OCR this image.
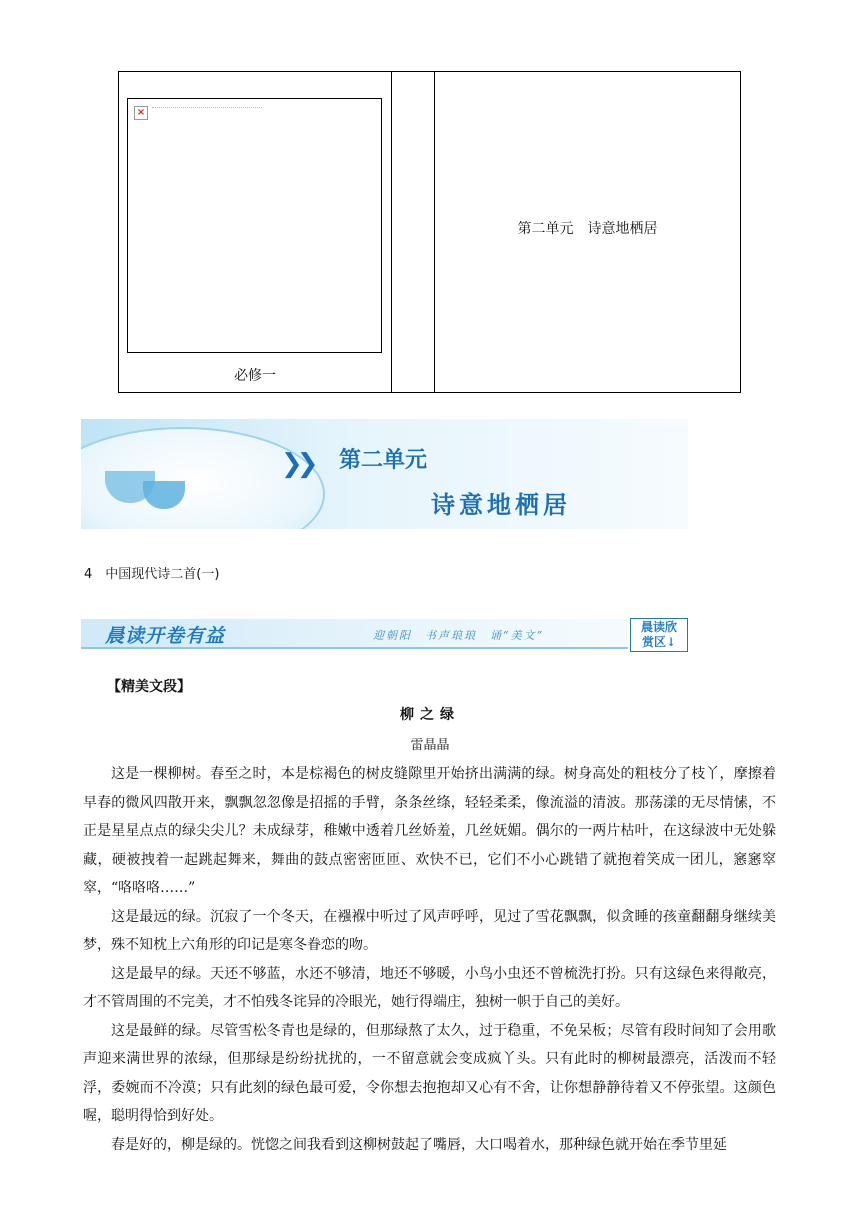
×
必修一
第二单元　诗意地栖居
❯❯ 第二单元
诗意地栖居
4　中国现代诗二首(一)
晨读开卷有益	迎朝阳　书声琅琅　诵“美文”
晨读欣
赏区↓
【精美文段】
柳之绿
雷晶晶

这是一棵柳树。春至之时，本是棕褐色的树皮缝隙里开始挤出满满的绿。树身高处的粗枝分了枝丫，摩擦着早春的微风四散开来，飘飘忽忽像是招摇的手臂，条条丝绦，轻轻柔柔，像流溢的清波。那荡漾的无尽情愫，不正是星星点点的绿尖尖儿？未成绿芽，稚嫩中透着几丝娇羞，几丝妩媚。偶尔的一两片枯叶，在这绿波中无处躲藏，硬被拽着一起跳起舞来，舞曲的鼓点密密匝匝、欢快不已，它们不小心跳错了就抱着笑成一团儿，窸窸窣窣，“咯咯咯……”

这是最远的绿。沉寂了一个冬天，在襁褓中听过了风声呼呼，见过了雪花飘飘，似贪睡的孩童翻翻身继续美梦，殊不知枕上六角形的印记是寒冬眷恋的吻。

这是最早的绿。天还不够蓝，水还不够清，地还不够暖，小鸟小虫还不曾梳洗打扮。只有这绿色来得敞亮，才不管周围的不完美，才不怕残冬诧异的冷眼光，她行得端庄，独树一帜于自己的美好。

这是最鲜的绿。尽管雪松冬青也是绿的，但那绿熬了太久，过于稳重，不免呆板；尽管有段时间知了会用歌声迎来满世界的浓绿，但那绿是纷纷扰扰的，一不留意就会变成疯丫头。只有此时的柳树最漂亮，活泼而不轻浮，委婉而不冷漠；只有此刻的绿色最可爱，令你想去抱抱却又心有不舍，让你想静静待着又不停张望。这颜色喔，聪明得恰到好处。

春是好的，柳是绿的。恍惚之间我看到这柳树鼓起了嘴唇，大口喝着水，那种绿色就开始在季节里延
